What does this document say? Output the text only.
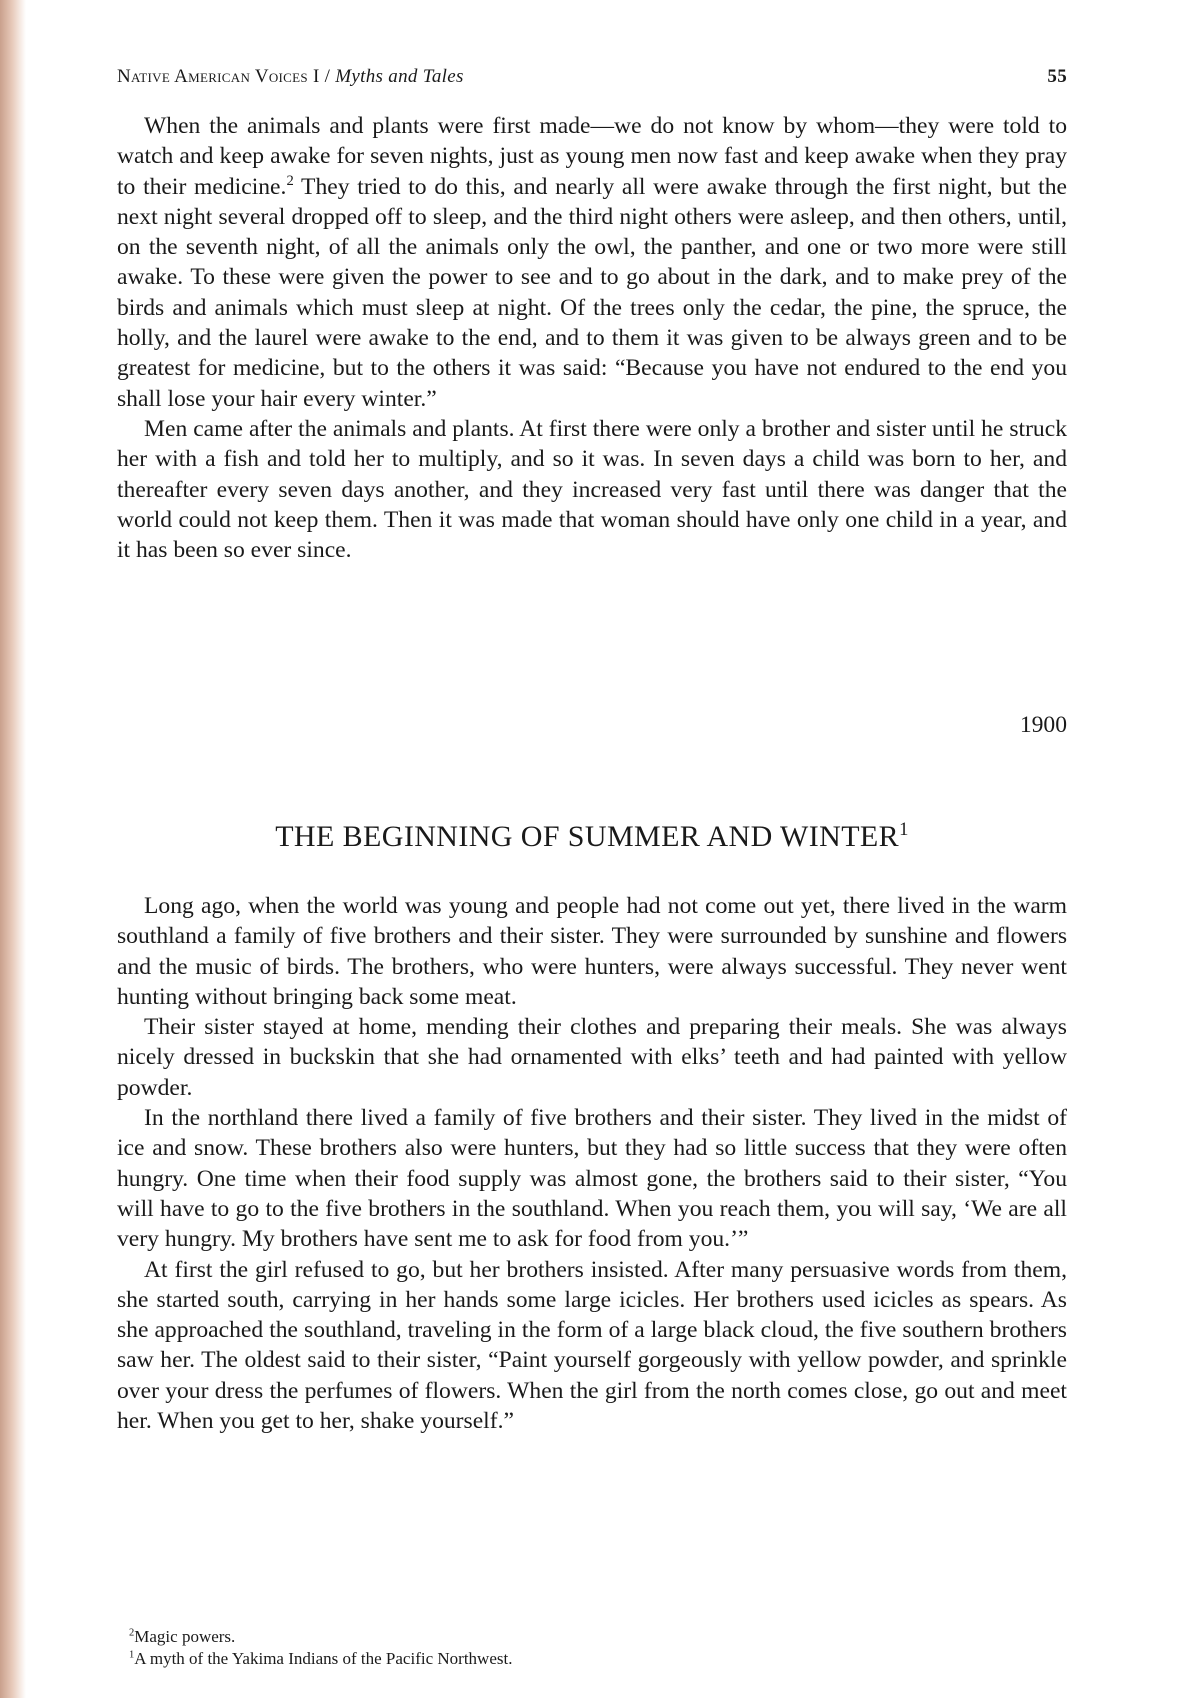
Native American Voices I / Myths and Tales	55

When the animals and plants were first made—we do not know by whom—they were told to watch and keep awake for seven nights, just as young men now fast and keep awake when they pray to their medicine.$^2$ They tried to do this, and nearly all were awake through the first night, but the next night several dropped off to sleep, and the third night others were asleep, and then others, until, on the seventh night, of all the animals only the owl, the panther, and one or two more were still awake. To these were given the power to see and to go about in the dark, and to make prey of the birds and animals which must sleep at night. Of the trees only the cedar, the pine, the spruce, the holly, and the laurel were awake to the end, and to them it was given to be always green and to be greatest for medicine, but to the others it was said: “Because you have not endured to the end you shall lose your hair every winter.”

Men came after the animals and plants. At first there were only a brother and sister until he struck her with a fish and told her to multiply, and so it was. In seven days a child was born to her, and thereafter every seven days another, and they increased very fast until there was danger that the world could not keep them. Then it was made that woman should have only one child in a year, and it has been so ever since.

1900
THE BEGINNING OF SUMMER AND WINTER$^1$

Long ago, when the world was young and people had not come out yet, there lived in the warm southland a family of five brothers and their sister. They were surrounded by sunshine and flowers and the music of birds. The brothers, who were hunters, were always successful. They never went hunting without bringing back some meat.

Their sister stayed at home, mending their clothes and preparing their meals. She was always nicely dressed in buckskin that she had ornamented with elks’ teeth and had painted with yellow powder.

In the northland there lived a family of five brothers and their sister. They lived in the midst of ice and snow. These brothers also were hunters, but they had so little success that they were often hungry. One time when their food supply was almost gone, the brothers said to their sister, “You will have to go to the five brothers in the southland. When you reach them, you will say, ‘We are all very hungry. My brothers have sent me to ask for food from you.’”

At first the girl refused to go, but her brothers insisted. After many persuasive words from them, she started south, carrying in her hands some large icicles. Her brothers used icicles as spears. As she approached the southland, traveling in the form of a large black cloud, the five southern brothers saw her. The oldest said to their sister, “Paint yourself gorgeously with yellow powder, and sprinkle over your dress the perfumes of flowers. When the girl from the north comes close, go out and meet her. When you get to her, shake yourself.”

$^2$Magic powers.
$^1$A myth of the Yakima Indians of the Pacific Northwest.
